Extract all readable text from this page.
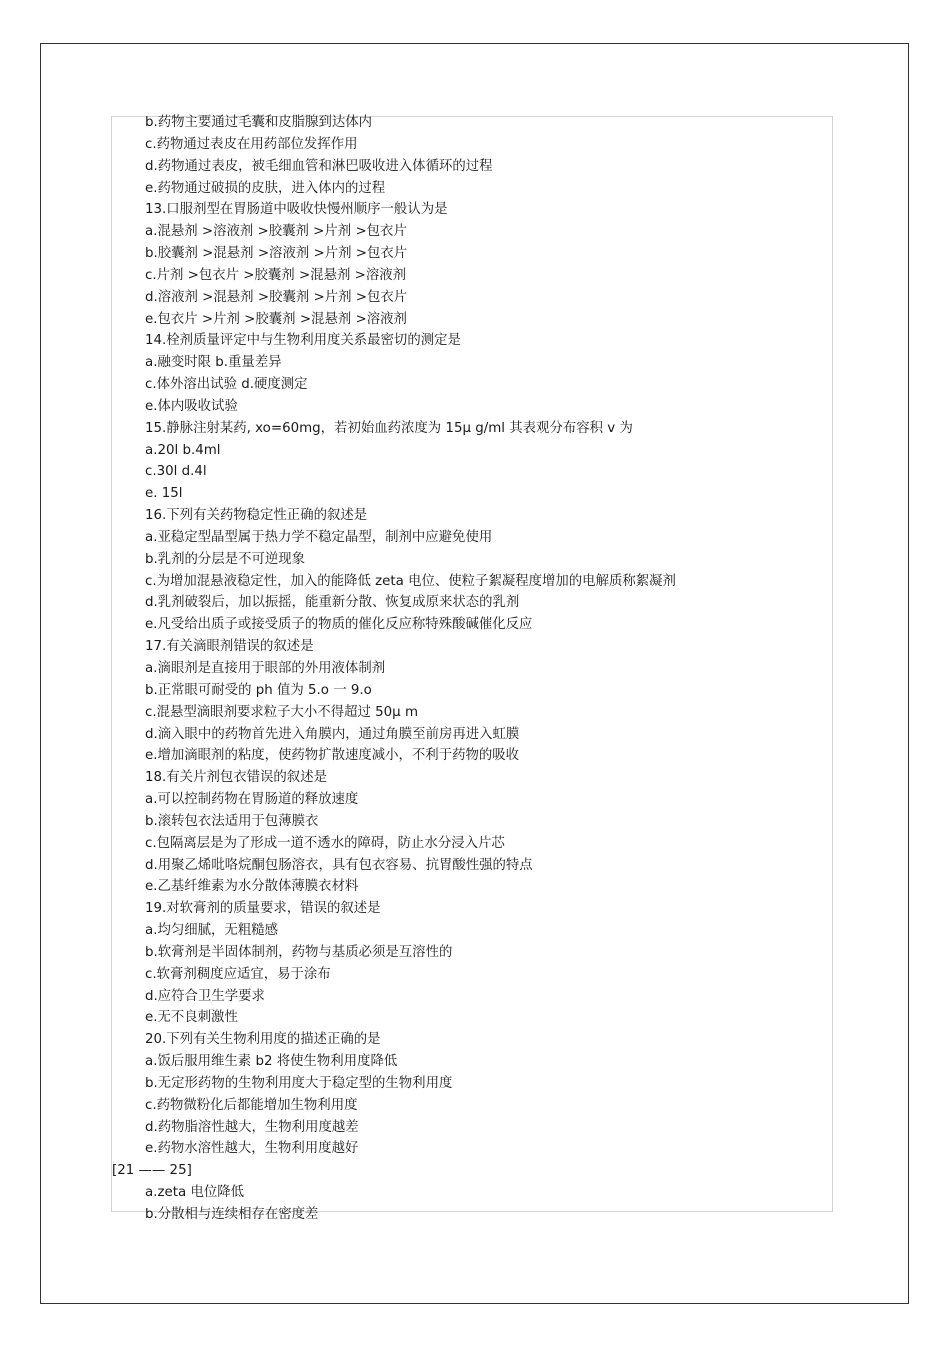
b.药物主要通过毛囊和皮脂腺到达体内
c.药物通过表皮在用药部位发挥作用
d.药物通过表皮，被毛细血管和淋巴吸收进入体循环的过程
e.药物通过破损的皮肤，进入体内的过程
13.口服剂型在胃肠道中吸收快慢州顺序一般认为是
a.混悬剂 >溶液剂 >胶囊剂 >片剂 >包衣片
b.胶囊剂 >混悬剂 >溶液剂 >片剂 >包衣片
c.片剂 >包衣片 >胶囊剂 >混悬剂 >溶液剂
d.溶液剂 >混悬剂 >胶囊剂 >片剂 >包衣片
e.包衣片 >片剂 >胶囊剂 >混悬剂 >溶液剂
14.栓剂质量评定中与生物利用度关系最密切的测定是
a.融变时限 b.重量差异
c.体外溶出试验 d.硬度测定
e.体内吸收试验
15.静脉注射某药, xo=60mg，若初始血药浓度为 15μ g/ml 其表观分布容积 v 为
a.20l b.4ml
c.30l d.4l
e. 15l
16.下列有关药物稳定性正确的叙述是
a.亚稳定型晶型属于热力学不稳定晶型，制剂中应避免使用
b.乳剂的分层是不可逆现象
c.为增加混悬液稳定性，加入的能降低 zeta 电位、使粒子絮凝程度增加的电解质称絮凝剂
d.乳剂破裂后，加以振摇，能重新分散、恢复成原来状态的乳剂
e.凡受给出质子或接受质子的物质的催化反应称特殊酸碱催化反应
17.有关滴眼剂错误的叙述是
a.滴眼剂是直接用于眼部的外用液体制剂
b.正常眼可耐受的 ph 值为 5.o 一 9.o
c.混悬型滴眼剂要求粒子大小不得超过 50μ m
d.滴入眼中的药物首先进入角膜内，通过角膜至前房再进入虹膜
e.增加滴眼剂的粘度，使药物扩散速度减小，不利于药物的吸收
18.有关片剂包衣错误的叙述是
a.可以控制药物在胃肠道的释放速度
b.滚转包衣法适用于包薄膜衣
c.包隔离层是为了形成一道不透水的障碍，防止水分浸入片芯
d.用聚乙烯吡咯烷酮包肠溶衣，具有包衣容易、抗胃酸性强的特点
e.乙基纤维素为水分散体薄膜衣材料
19.对软膏剂的质量要求，错误的叙述是
a.均匀细腻，无粗糙感
b.软膏剂是半固体制剂，药物与基质必须是互溶性的
c.软膏剂稠度应适宜，易于涂布
d.应符合卫生学要求
e.无不良刺激性
20.下列有关生物利用度的描述正确的是
a.饭后服用维生素 b2 将使生物利用度降低
b.无定形药物的生物利用度大于稳定型的生物利用度
c.药物微粉化后都能增加生物利用度
d.药物脂溶性越大，生物利用度越差
e.药物水溶性越大，生物利用度越好
[21 —— 25]
a.zeta 电位降低
b.分散相与连续相存在密度差
